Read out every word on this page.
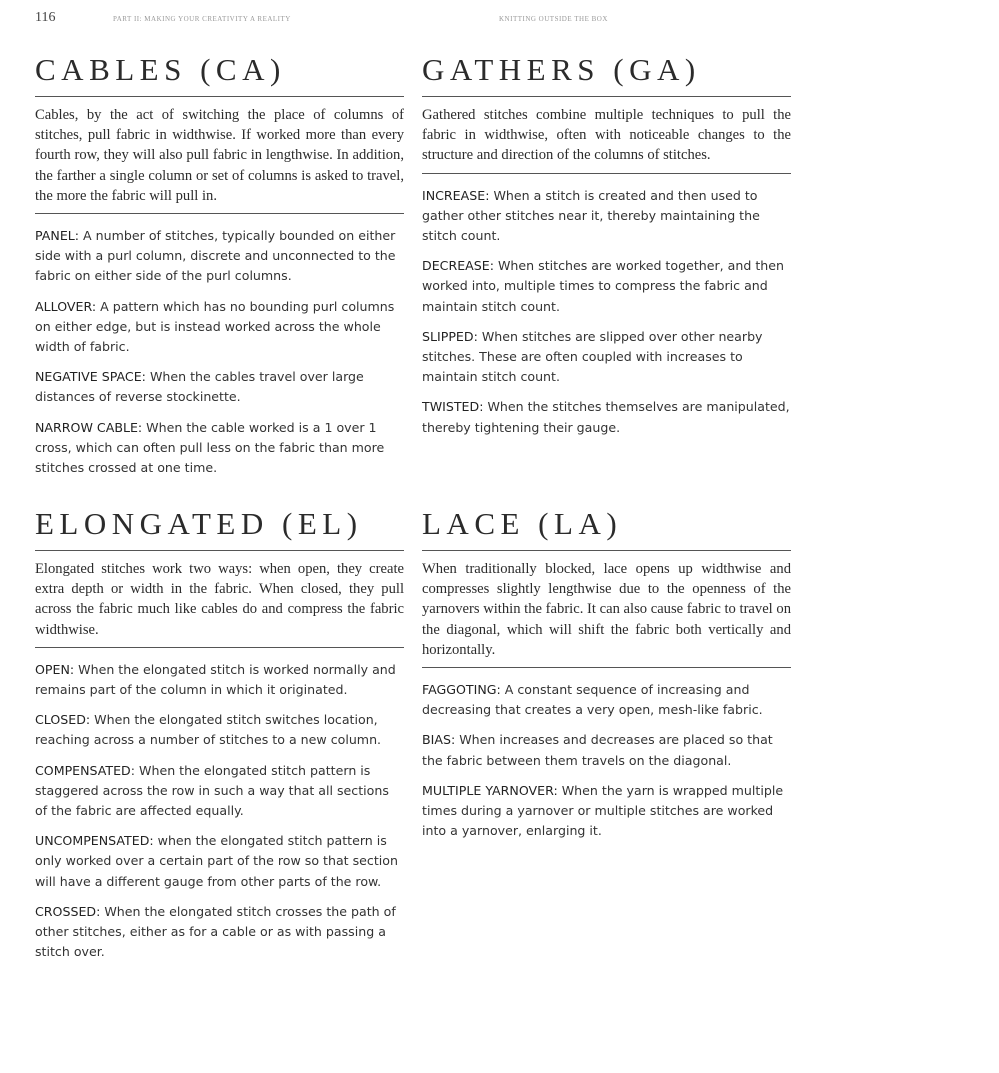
116	PART II: MAKING YOUR CREATIVITY A REALITY	KNITTING OUTSIDE THE BOX
CABLES (CA)
Cables, by the act of switching the place of columns of stitches, pull fabric in widthwise. If worked more than every fourth row, they will also pull fabric in lengthwise. In addition, the farther a single column or set of columns is asked to travel, the more the fabric will pull in.

PANEL: A number of stitches, typically bounded on either side with a purl column, discrete and unconnected to the fabric on either side of the purl columns.

ALLOVER: A pattern which has no bounding purl columns on either edge, but is instead worked across the whole width of fabric.

NEGATIVE SPACE: When the cables travel over large distances of reverse stockinette.

NARROW CABLE: When the cable worked is a 1 over 1 cross, which can often pull less on the fabric than more stitches crossed at one time.

GATHERS (GA)
Gathered stitches combine multiple techniques to pull the fabric in widthwise, often with noticeable changes to the structure and direction of the columns of stitches.

INCREASE: When a stitch is created and then used to gather other stitches near it, thereby maintaining the stitch count.

DECREASE: When stitches are worked together, and then worked into, multiple times to compress the fabric and maintain stitch count.

SLIPPED: When stitches are slipped over other nearby stitches. These are often coupled with increases to maintain stitch count.

TWISTED: When the stitches themselves are manipulated, thereby tightening their gauge.

ELONGATED (EL)
Elongated stitches work two ways: when open, they create extra depth or width in the fabric. When closed, they pull across the fabric much like cables do and compress the fabric widthwise.

OPEN: When the elongated stitch is worked normally and remains part of the column in which it originated.

CLOSED: When the elongated stitch switches location, reaching across a number of stitches to a new column.

COMPENSATED: When the elongated stitch pattern is staggered across the row in such a way that all sections of the fabric are affected equally.

UNCOMPENSATED: when the elongated stitch pattern is only worked over a certain part of the row so that section will have a different gauge from other parts of the row.

CROSSED: When the elongated stitch crosses the path of other stitches, either as for a cable or as with passing a stitch over.

LACE (LA)
When traditionally blocked, lace opens up widthwise and compresses slightly lengthwise due to the openness of the yarnovers within the fabric. It can also cause fabric to travel on the diagonal, which will shift the fabric both vertically and horizontally.

FAGGOTING: A constant sequence of increasing and decreasing that creates a very open, mesh-like fabric.

BIAS: When increases and decreases are placed so that the fabric between them travels on the diagonal.

MULTIPLE YARNOVER: When the yarn is wrapped multiple times during a yarnover or multiple stitches are worked into a yarnover, enlarging it.
